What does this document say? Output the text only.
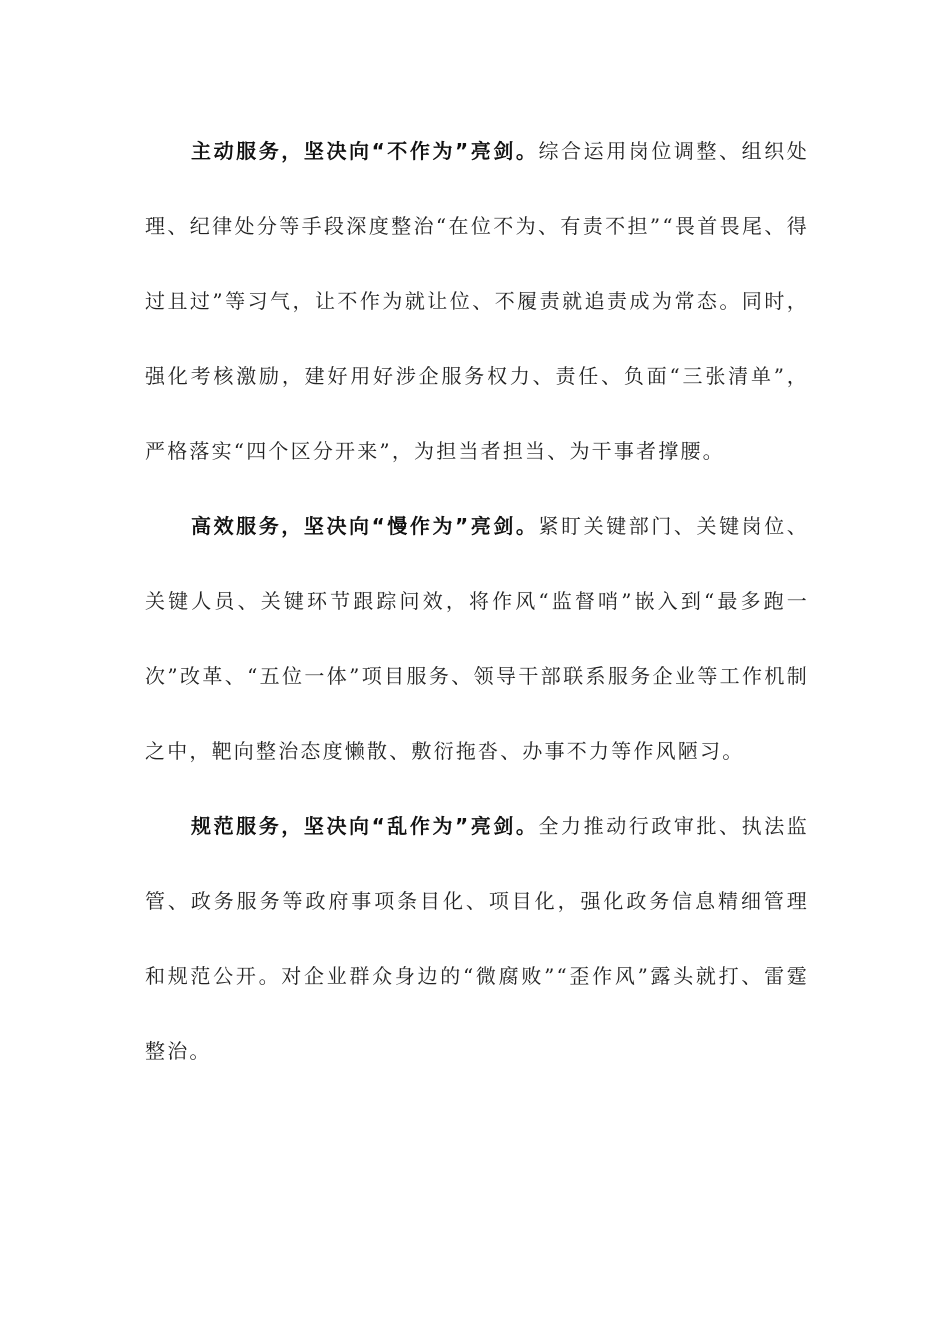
主动服务，坚决向“不作为”亮剑。综合运用岗位调整、组织处理、纪律处分等手段深度整治“在位不为、有责不担”“畏首畏尾、得过且过”等习气，让不作为就让位、不履责就追责成为常态。同时，强化考核激励，建好用好涉企服务权力、责任、负面“三张清单”，严格落实“四个区分开来”，为担当者担当、为干事者撑腰。

高效服务，坚决向“慢作为”亮剑。紧盯关键部门、关键岗位、关键人员、关键环节跟踪问效，将作风“监督哨”嵌入到“最多跑一次”改革、“五位一体”项目服务、领导干部联系服务企业等工作机制之中，靶向整治态度懒散、敷衍拖沓、办事不力等作风陋习。

规范服务，坚决向“乱作为”亮剑。全力推动行政审批、执法监管、政务服务等政府事项条目化、项目化，强化政务信息精细管理和规范公开。对企业群众身边的“微腐败”“歪作风”露头就打、雷霆整治。
